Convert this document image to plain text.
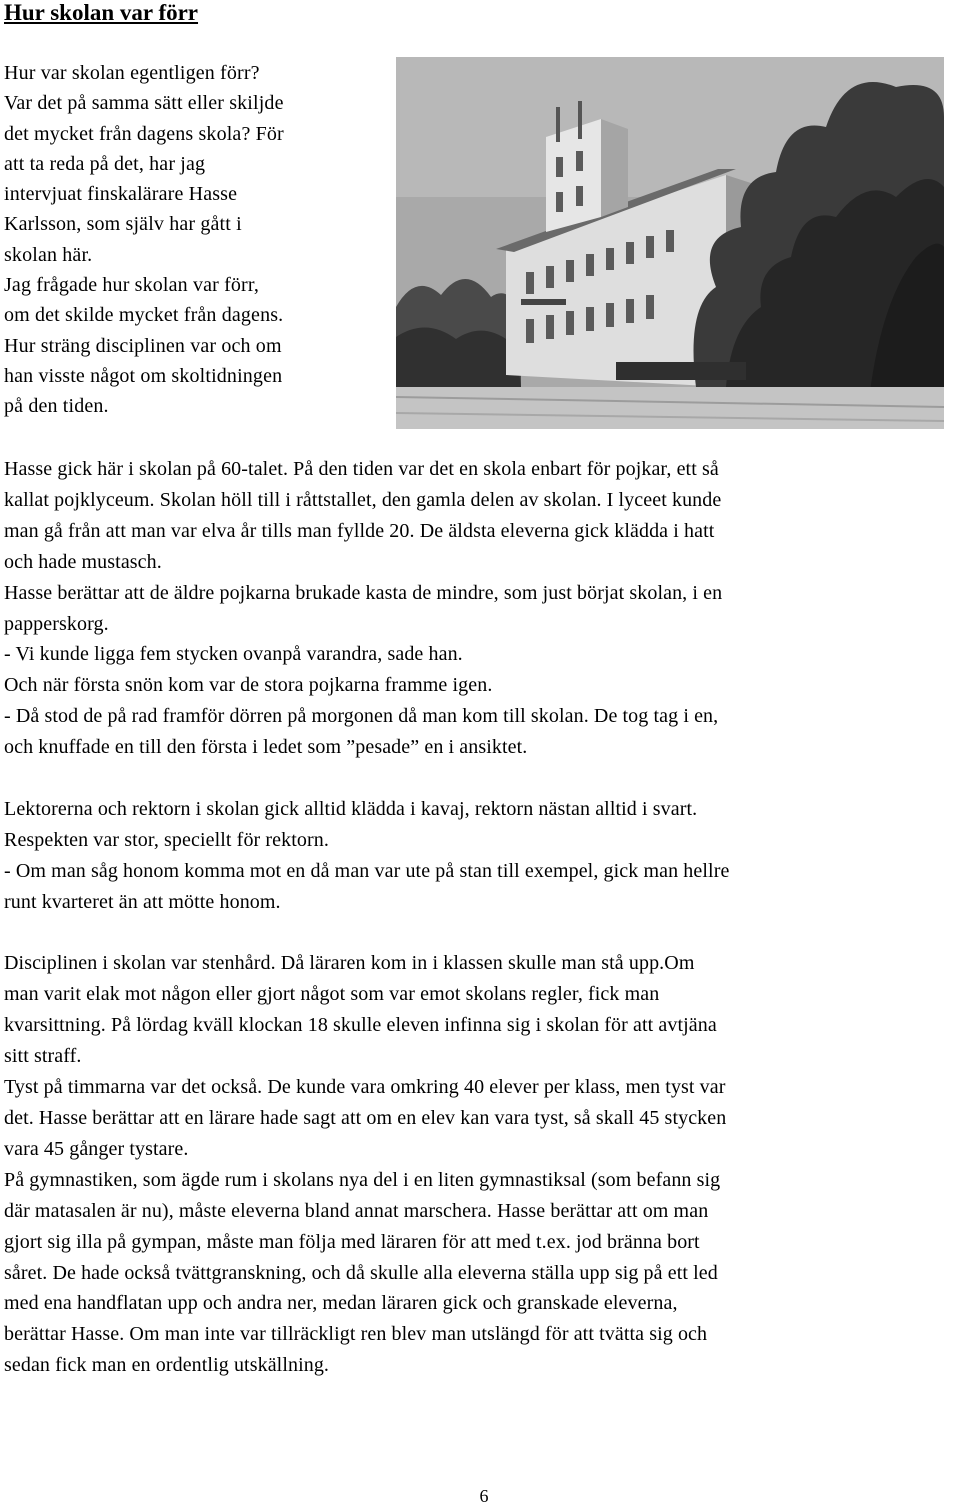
Hur skolan var förr
Hur var skolan egentligen förr?
Var det på samma sätt eller skiljde
det mycket från dagens skola? För
att ta reda på det, har jag
intervjuat finskalärare Hasse
Karlsson, som själv har gått i
skolan här.
Jag frågade hur skolan var förr,
om det skilde mycket från dagens.
Hur sträng disciplinen var och om
han visste något om skoltidningen
på den tiden.
Hasse gick här i skolan på 60-talet. På den tiden var det en skola enbart för pojkar, ett så
kallat pojklyceum. Skolan höll till i råttstallet, den gamla delen av skolan. I lyceet kunde
man gå från att man var elva år tills man fyllde 20. De äldsta eleverna gick klädda i hatt
och hade mustasch.
Hasse berättar att de äldre pojkarna brukade kasta de mindre, som just börjat skolan, i en
papperskorg.
- Vi kunde ligga fem stycken ovanpå varandra, sade han.
Och när första snön kom var de stora pojkarna framme igen.
- Då stod de på rad framför dörren på morgonen då man kom till skolan. De tog tag i en,
och knuffade en till den första i ledet som ”pesade” en i ansiktet.
Lektorerna och rektorn i skolan gick alltid klädda i kavaj, rektorn nästan alltid i svart.
Respekten var stor, speciellt för rektorn.
- Om man såg honom komma mot en då man var ute på stan till exempel, gick man hellre
runt kvarteret än att mötte honom.
Disciplinen i skolan var stenhård. Då läraren kom in i klassen skulle man stå upp.Om
man varit elak mot någon eller gjort något som var emot skolans regler, fick man
kvarsittning. På lördag kväll klockan 18 skulle eleven infinna sig i skolan för att avtjäna
sitt straff.
Tyst på timmarna var det också. De kunde vara omkring 40 elever per klass, men tyst var
det. Hasse berättar att en lärare hade sagt att om en elev kan vara tyst, så skall 45 stycken
vara 45 gånger tystare.
På gymnastiken, som ägde rum i skolans nya del i en liten gymnastiksal (som befann sig
där matasalen är nu), måste eleverna bland annat marschera. Hasse berättar att om man
gjort sig illa på gympan, måste man följa med läraren för att med t.ex. jod bränna bort
såret. De hade också tvättgranskning, och då skulle alla eleverna ställa upp sig på ett led
med ena handflatan upp och andra ner, medan läraren gick och granskade eleverna,
berättar Hasse. Om man inte var tillräckligt ren blev man utslängd för att tvätta sig och
sedan fick man en ordentlig utskällning.
6
